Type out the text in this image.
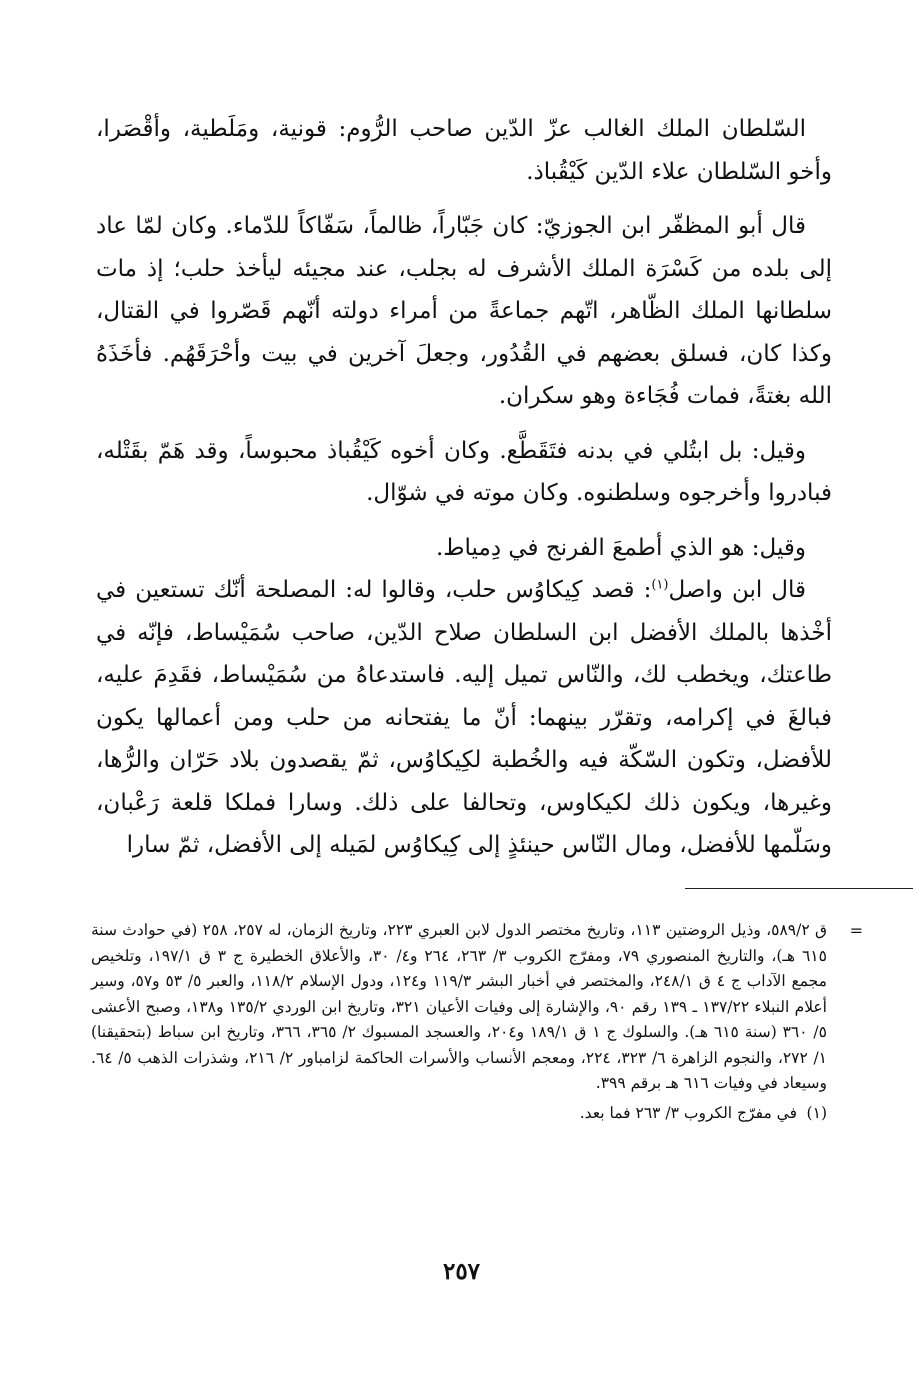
السّلطان الملك الغالب عزّ الدّين صاحب الرُّوم: قونية، ومَلَطية، وأقْصَرا، وأخو السّلطان علاء الدّين كَيْقُباذ.

قال أبو المظفّر ابن الجوزيّ: كان جَبّاراً، ظالماً، سَفّاكاً للدّماء. وكان لمّا عاد إلى بلده من كَسْرَة الملك الأشرف له بجلب، عند مجيئه ليأخذ حلب؛ إذ مات سلطانها الملك الظّاهر، اتّهم جماعةً من أمراء دولته أنّهم قَصّروا في القتال، وكذا كان، فسلق بعضهم في القُدُور، وجعلَ آخرين في بيت وأحْرَقَهُم. فأخَذَهُ الله بغتةً، فمات فُجَاءة وهو سكران.

وقيل: بل ابتُلي في بدنه فتَقَطَّع. وكان أخوه كَيْقُباذ محبوساً، وقد هَمّ بقَتْله، فبادروا وأخرجوه وسلطنوه. وكان موته في شوّال.

وقيل: هو الذي أطمعَ الفرنج في دِمياط.

قال ابن واصل$^{(١)}$: قصد كِيكاوُس حلب، وقالوا له: المصلحة أنّك تستعين في أخْذها بالملك الأفضل ابن السلطان صلاح الدّين، صاحب سُمَيْساط، فإنّه في طاعتك، ويخطب لك، والنّاس تميل إليه. فاستدعاهُ من سُمَيْساط، فقَدِمَ عليه، فبالغَ في إكرامه، وتقرّر بينهما: أنّ ما يفتحانه من حلب ومن أعمالها يكون للأفضل، وتكون السّكّة فيه والخُطبة لكِيكاوُس، ثمّ يقصدون بلاد حَرّان والرُّها، وغيرها، ويكون ذلك لكيكاوس، وتحالفا على ذلك. وسارا فملكا قلعة رَعْبان، وسَلّمها للأفضل، ومال النّاس حينئذٍ إلى كِيكاوُس لمَيله إلى الأفضل، ثمّ سارا

=

ق ٥٨٩/٢، وذيل الروضتين ١١٣، وتاريخ مختصر الدول لابن العبري ٢٢٣، وتاريخ الزمان، له ٢٥٧، ٢٥٨ (في حوادث سنة ٦١٥ هـ)، والتاريخ المنصوري ٧٩، ومفرّج الكروب ٣/ ٢٦٣، ٢٦٤ و٤/ ٣٠، والأعلاق الخطيرة ج ٣ ق ١٩٧/١، وتلخيص مجمع الآداب ج ٤ ق ٢٤٨/١، والمختصر في أخبار البشر ١١٩/٣ و١٢٤، ودول الإسلام ١١٨/٢، والعبر ٥/ ٥٣ و٥٧، وسير أعلام النبلاء ١٣٧/٢٢ ـ ١٣٩ رقم ٩٠، والإشارة إلى وفيات الأعيان ٣٢١، وتاريخ ابن الوردي ١٣٥/٢ و١٣٨، وصبح الأعشى ٥/ ٣٦٠ (سنة ٦١٥ هـ). والسلوك ج ١ ق ١٨٩/١ و٢٠٤، والعسجد المسبوك ٢/ ٣٦٥، ٣٦٦، وتاريخ ابن سباط (بتحقيقنا) ١/ ٢٧٢، والنجوم الزاهرة ٦/ ٣٢٣، ٢٢٤، ومعجم الأنساب والأسرات الحاكمة لزامباور ٢/ ٢١٦، وشذرات الذهب ٥/ ٦٤. وسيعاد في وفيات ٦١٦ هـ برقم ٣٩٩.

(١)في مفرّج الكروب ٣/ ٢٦٣ فما بعد.

٢٥٧
